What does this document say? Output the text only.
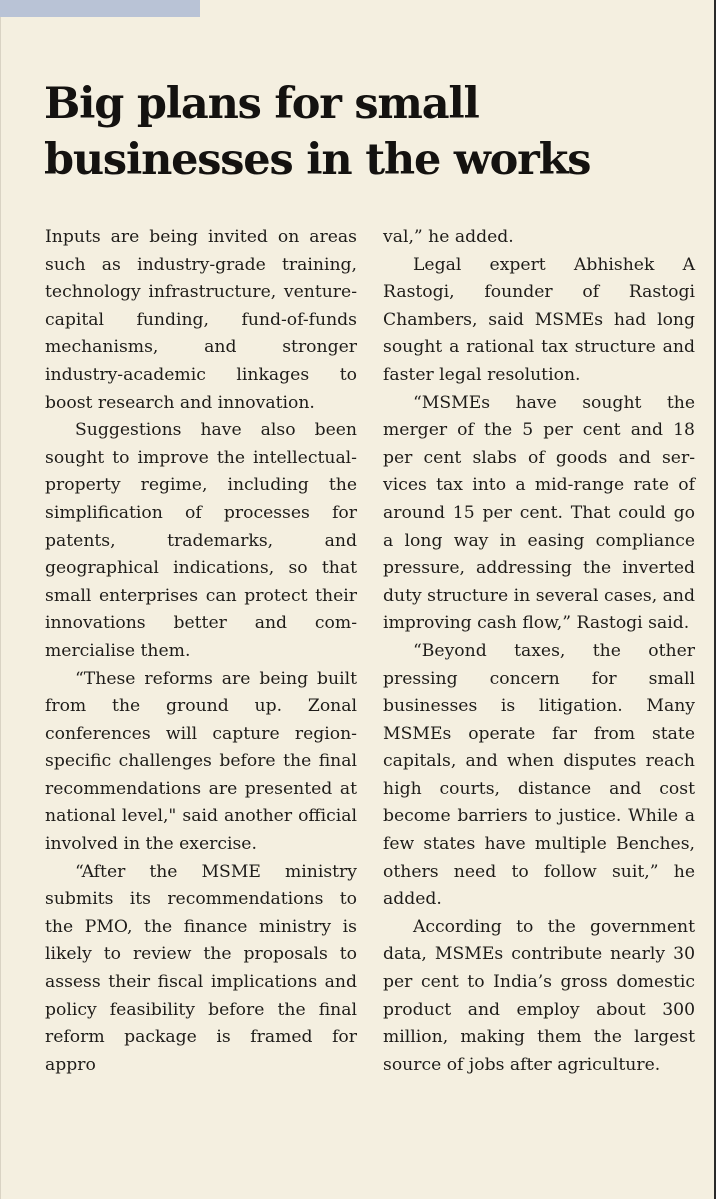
Big plans for small
businesses in the works

Inputs are being invited on areas such as industry-grade training, technology infrastructure, venture-capital funding, fund-of-funds mechanisms, and stronger industry-academic linkages to boost research and innovation.

Suggestions have also been sought to improve the intellectual-property regime, including the simplification of processes for patents, trademarks, and geographical indications, so that small enterprises can protect their innovations better and commercialise them.

“These reforms are being built from the ground up. Zonal conferences will capture region-specific challenges before the final recommendations are presented at national level," said another official involved in the exercise.

“After the MSME ministry submits its recommendations to the PMO, the finance ministry is likely to review the proposals to assess their fiscal implications and policy feasibility before the final reform package is framed for appro

val,” he added.

Legal expert Abhishek A Rastogi, founder of Rastogi Chambers, said MSMEs had long sought a rational tax structure and faster legal resolution.

“MSMEs have sought the merger of the 5 per cent and 18 per cent slabs of goods and services tax into a mid-range rate of around 15 per cent. That could go a long way in easing compliance pressure, addressing the inverted duty structure in several cases, and improving cash flow,” Rastogi said.

“Beyond taxes, the other pressing concern for small businesses is litigation. Many MSMEs operate far from state capitals, and when disputes reach high courts, distance and cost become barriers to justice. While a few states have multiple Benches, others need to follow suit,” he added.

According to the government data, MSMEs contribute nearly 30 per cent to India’s gross domestic product and employ about 300 million, making them the largest source of jobs after agriculture.
